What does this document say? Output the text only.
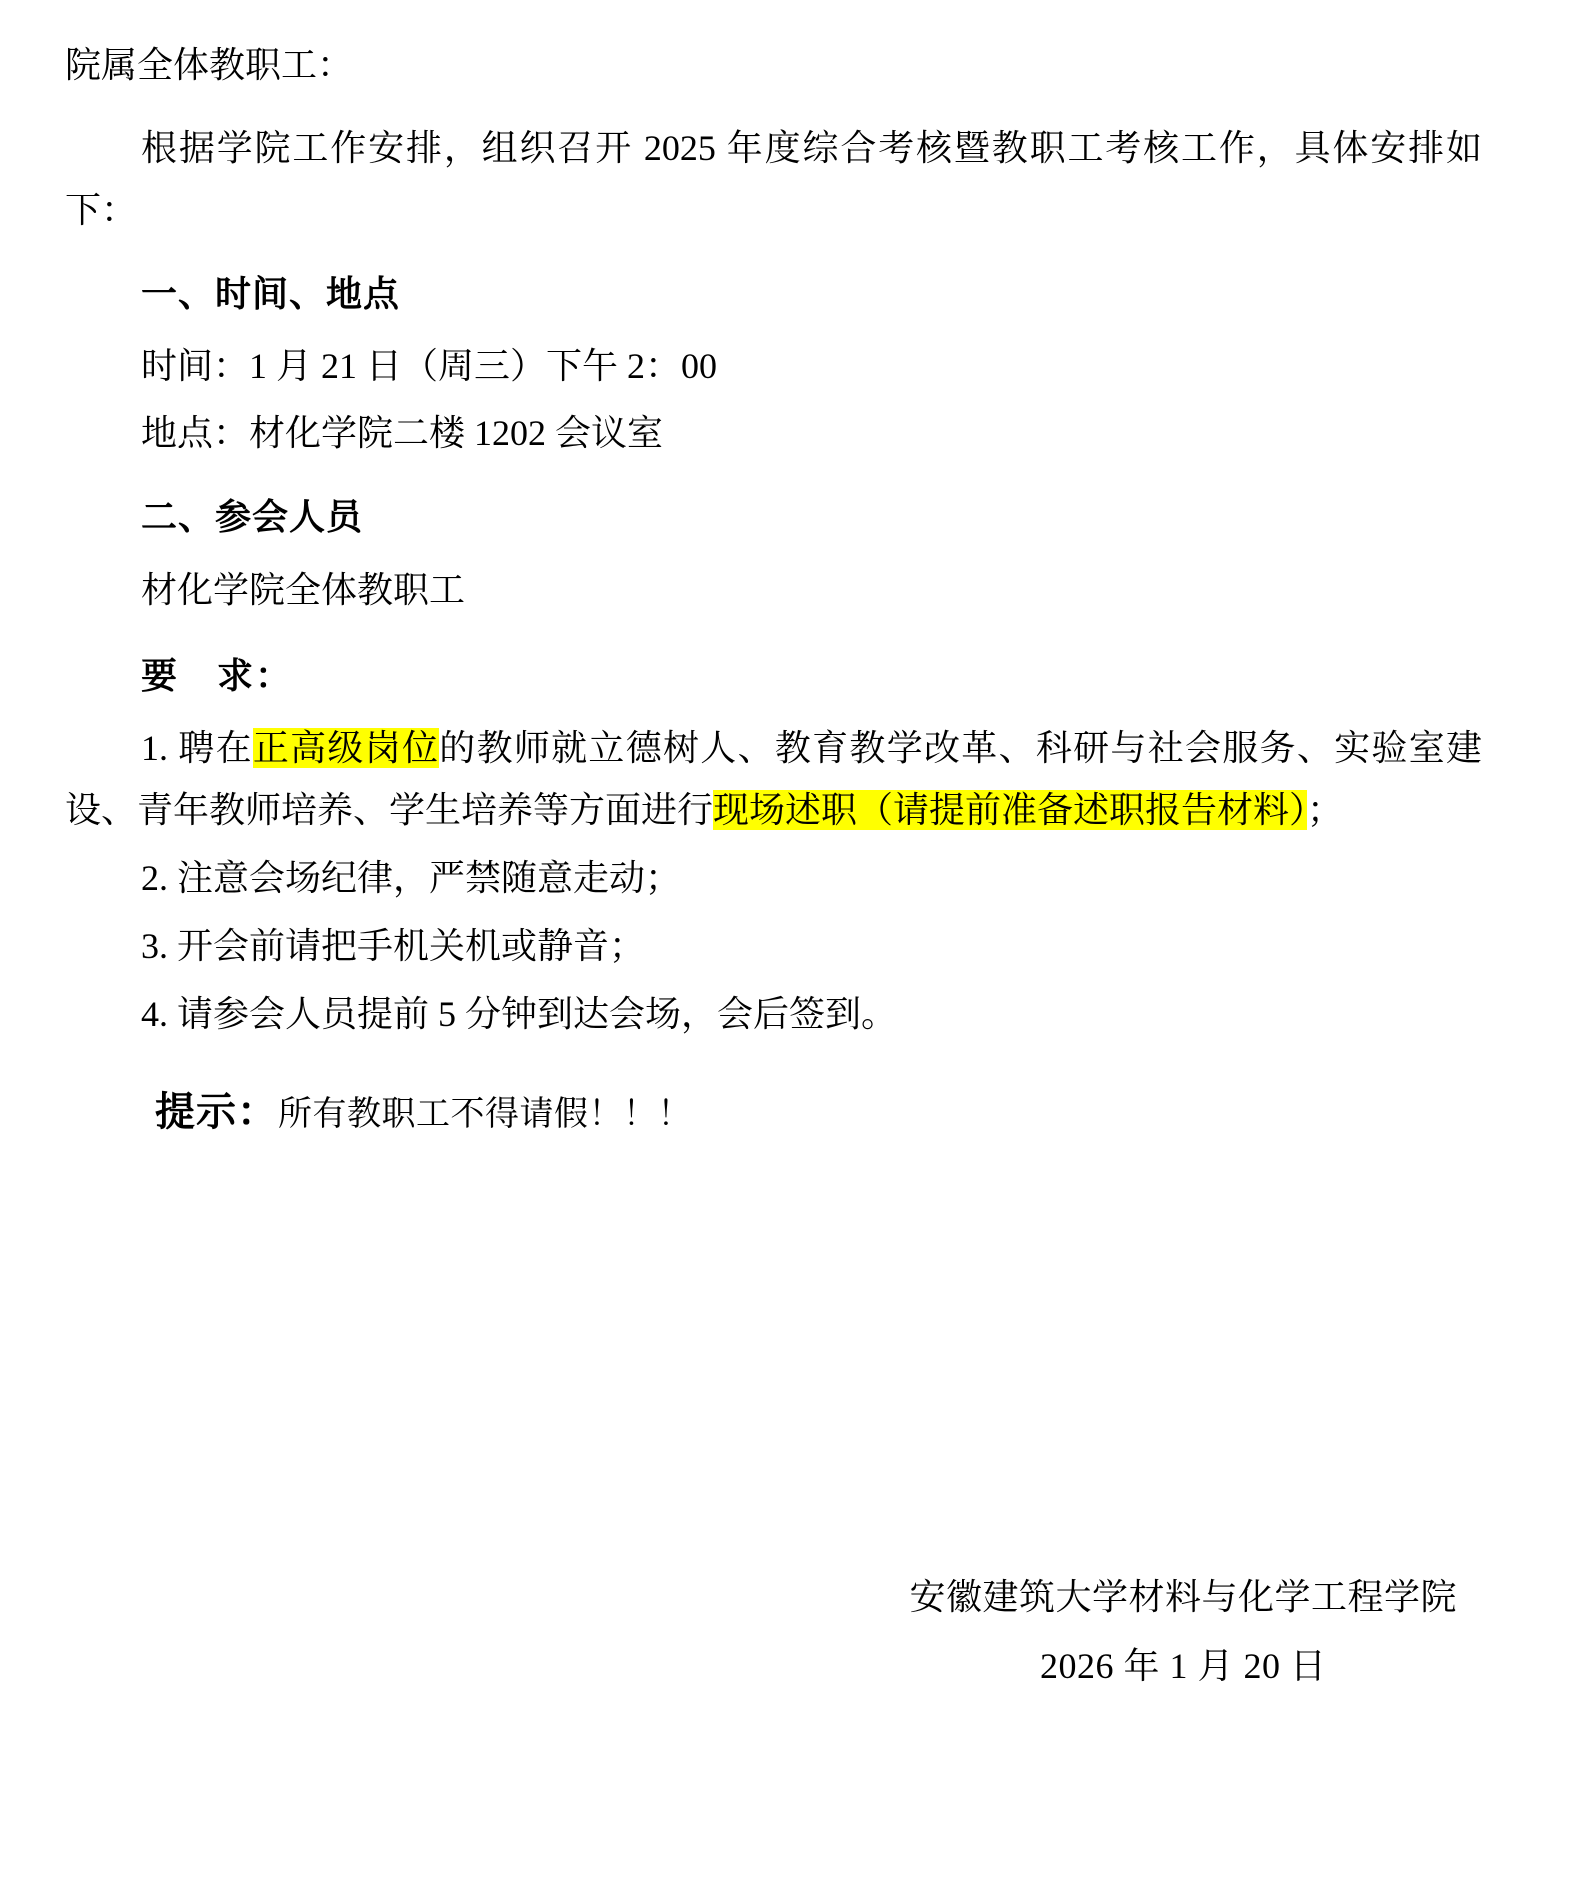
院属全体教职工：
根据学院工作安排，组织召开 2025 年度综合考核暨教职工考核工作，具体安排如下：
一、时间、地点
时间：1 月 21 日（周三）下午 2：00
地点：材化学院二楼 1202 会议室
二、参会人员
材化学院全体教职工
要　求：
1. 聘在正高级岗位的教师就立德树人、教育教学改革、科研与社会服务、实验室建设、青年教师培养、学生培养等方面进行现场述职（请提前准备述职报告材料）；
2. 注意会场纪律，严禁随意走动；
3. 开会前请把手机关机或静音；
4. 请参会人员提前 5 分钟到达会场，会后签到。
提示：所有教职工不得请假！！！
安徽建筑大学材料与化学工程学院
2026 年 1 月 20 日
